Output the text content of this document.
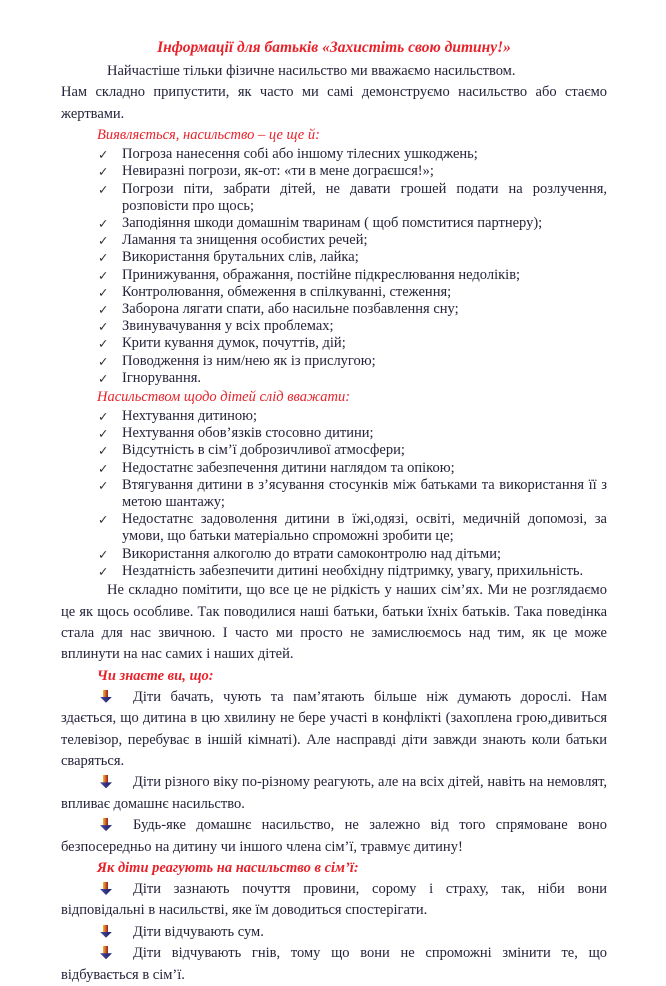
Інформації для батьків «Захистіть свою дитину!»

Найчастіше тільки фізичне насильство ми вважаємо насильством.

Нам складно припустити, як часто ми самі демонструємо насильство або стаємо жертвами.

Виявляється, насильство – це ще й:

✓ Погроза нанесення собі або іншому тілесних ушкоджень;
✓ Невиразні погрози, як-от: «ти в мене дограєшся!»;
✓ Погрози піти, забрати дітей, не давати грошей подати на розлучення, розповісти про щось;
✓ Заподіяння шкоди домашнім тваринам ( щоб помститися партнеру);
✓ Ламання та знищення особистих речей;
✓ Використання брутальних слів, лайка;
✓ Принижування, ображання, постійне підкреслювання недоліків;
✓ Контролювання, обмеження в спілкуванні, стеження;
✓ Заборона лягати спати, або насильне позбавлення сну;
✓ Звинувачування у всіх проблемах;
✓ Крити кування думок, почуттів, дій;
✓ Поводження із ним/нею як із прислугою;
✓ Ігнорування.

Насильством щодо дітей слід вважати:

✓ Нехтування дитиною;
✓ Нехтування обов’язків стосовно дитини;
✓ Відсутність в сім’ї доброзичливої атмосфери;
✓ Недостатнє забезпечення дитини наглядом та опікою;
✓ Втягування дитини в з’ясування стосунків між батьками та використання її з метою шантажу;
✓ Недостатнє задоволення дитини в їжі,одязі, освіті, медичній допомозі, за умови, що батьки матеріально спроможні зробити це;
✓ Використання алкоголю до втрати самоконтролю над дітьми;
✓ Нездатність забезпечити дитині необхідну підтримку, увагу, прихильність.

Не складно помітити, що все це не рідкість у наших сім’ях. Ми не розглядаємо це як щось особливе. Так поводилися наші батьки, батьки їхніх батьків. Така поведінка стала для нас звичною. І часто ми просто не замислюємось над тим, як це може вплинути на нас самих і наших дітей.

Чи знаєте ви, що:

Діти бачать, чують та пам’ятають більше ніж думають дорослі. Нам здається, що дитина в цю хвилину не бере участі в конфлікті (захоплена грою,дивиться телевізор, перебуває в іншій кімнаті). Але насправді діти завжди знають коли батьки сваряться.

Діти різного віку по-різному реагують, але на всіх дітей, навіть на немовлят, впливає домашнє насильство.

Будь-яке домашнє насильство, не залежно від того спрямоване воно безпосередньо на дитину чи іншого члена сім’ї, травмує дитину!

Як діти реагують на насильство в сім’ї:

Діти зазнають почуття провини, сорому і страху, так, ніби вони відповідальні в насильстві, яке їм доводиться спостерігати.

Діти відчувають сум.

Діти відчувають гнів, тому що вони не спроможні змінити те, що відбувається в сім’ї.
